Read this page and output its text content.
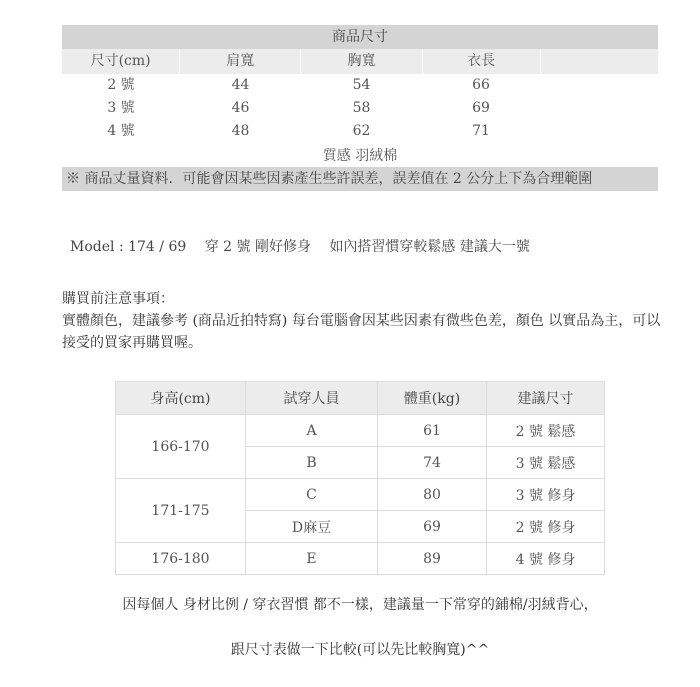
商品尺寸
尺寸(cm)	肩寬	胸寬	衣長
2 號	44	54	66
3 號	46	58	69
4 號	48	62	71
質感 羽絨棉
※ 商品丈量資料．可能會因某些因素產生些許誤差，誤差值在 2 公分上下為合理範圍
Model : 174 / 69 穿 2 號 剛好修身 如內搭習慣穿較鬆感 建議大一號
購買前注意事項：
實體顏色，建議參考 (商品近拍特寫) 每台電腦會因某些因素有微些色差，顏色 以實品為主，可以接受的買家再購買喔。
身高(cm)	試穿人員	體重(kg)	建議尺寸
166-170	A	61	2 號 鬆感
	B	74	3 號 鬆感
171-175	C	80	3 號 修身
	D麻豆	69	2 號 修身
176-180	E	89	4 號 修身
因每個人 身材比例 / 穿衣習慣 都不一樣，建議量一下常穿的鋪棉/羽絨背心，
跟尺寸表做一下比較(可以先比較胸寬)^^
